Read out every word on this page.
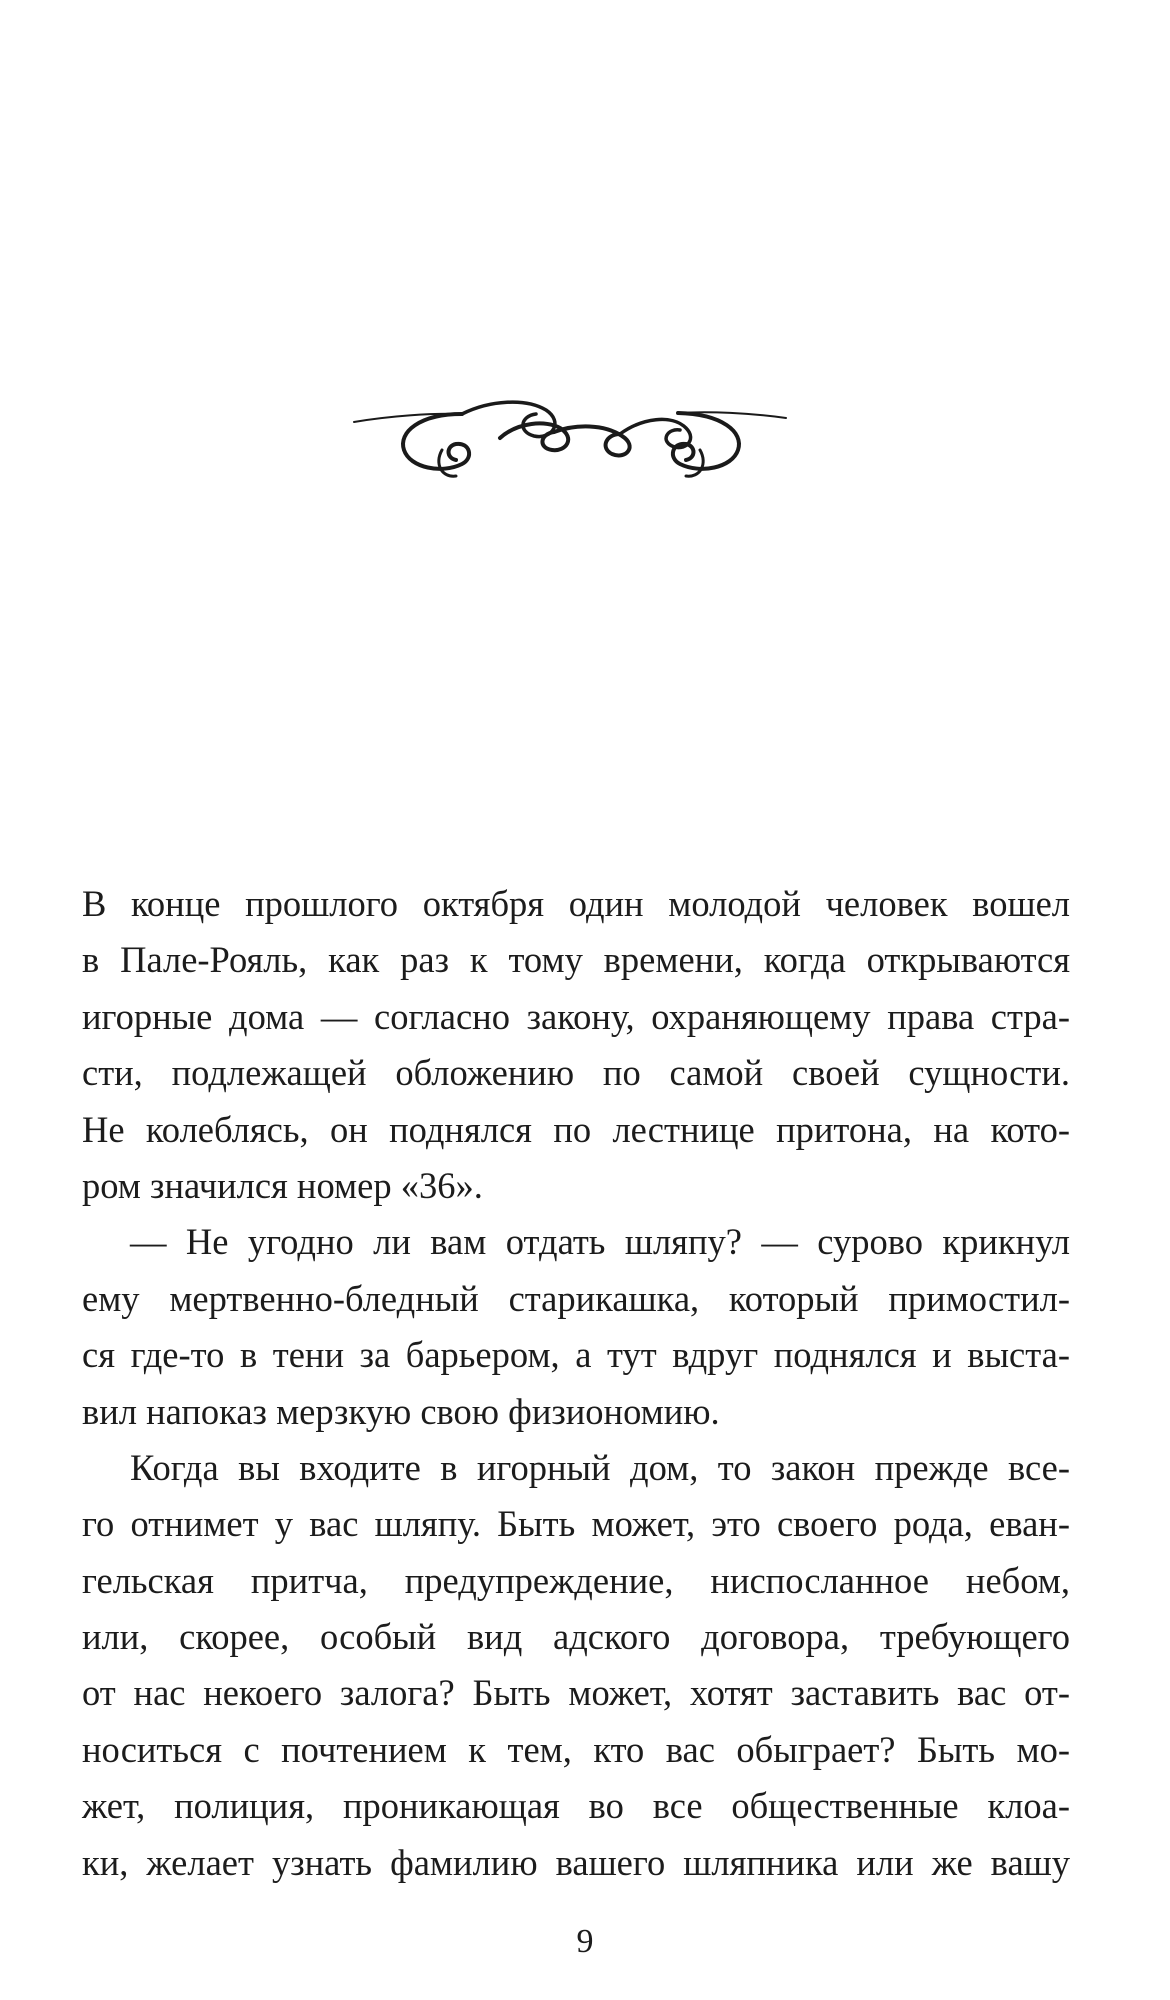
В конце прошлого октября один молодой человек вошел
в Пале-Рояль, как раз к тому времени, когда открываются
игорные дома — согласно закону, охраняющему права стра-
сти, подлежащей обложению по самой своей сущности.
Не колеблясь, он поднялся по лестнице притона, на кото-
ром значился номер «36».
— Не угодно ли вам отдать шляпу? — сурово крикнул
ему мертвенно-бледный старикашка, который примостил-
ся где-то в тени за барьером, а тут вдруг поднялся и выста-
вил напоказ мерзкую свою физиономию.
Когда вы входите в игорный дом, то закон прежде все-
го отнимет у вас шляпу. Быть может, это своего рода, еван-
гельская притча, предупреждение, ниспосланное небом,
или, скорее, особый вид адского договора, требующего
от нас некоего залога? Быть может, хотят заставить вас от-
носиться с почтением к тем, кто вас обыграет? Быть мо-
жет, полиция, проникающая во все общественные клоа-
ки, желает узнать фамилию вашего шляпника или же вашу
9
